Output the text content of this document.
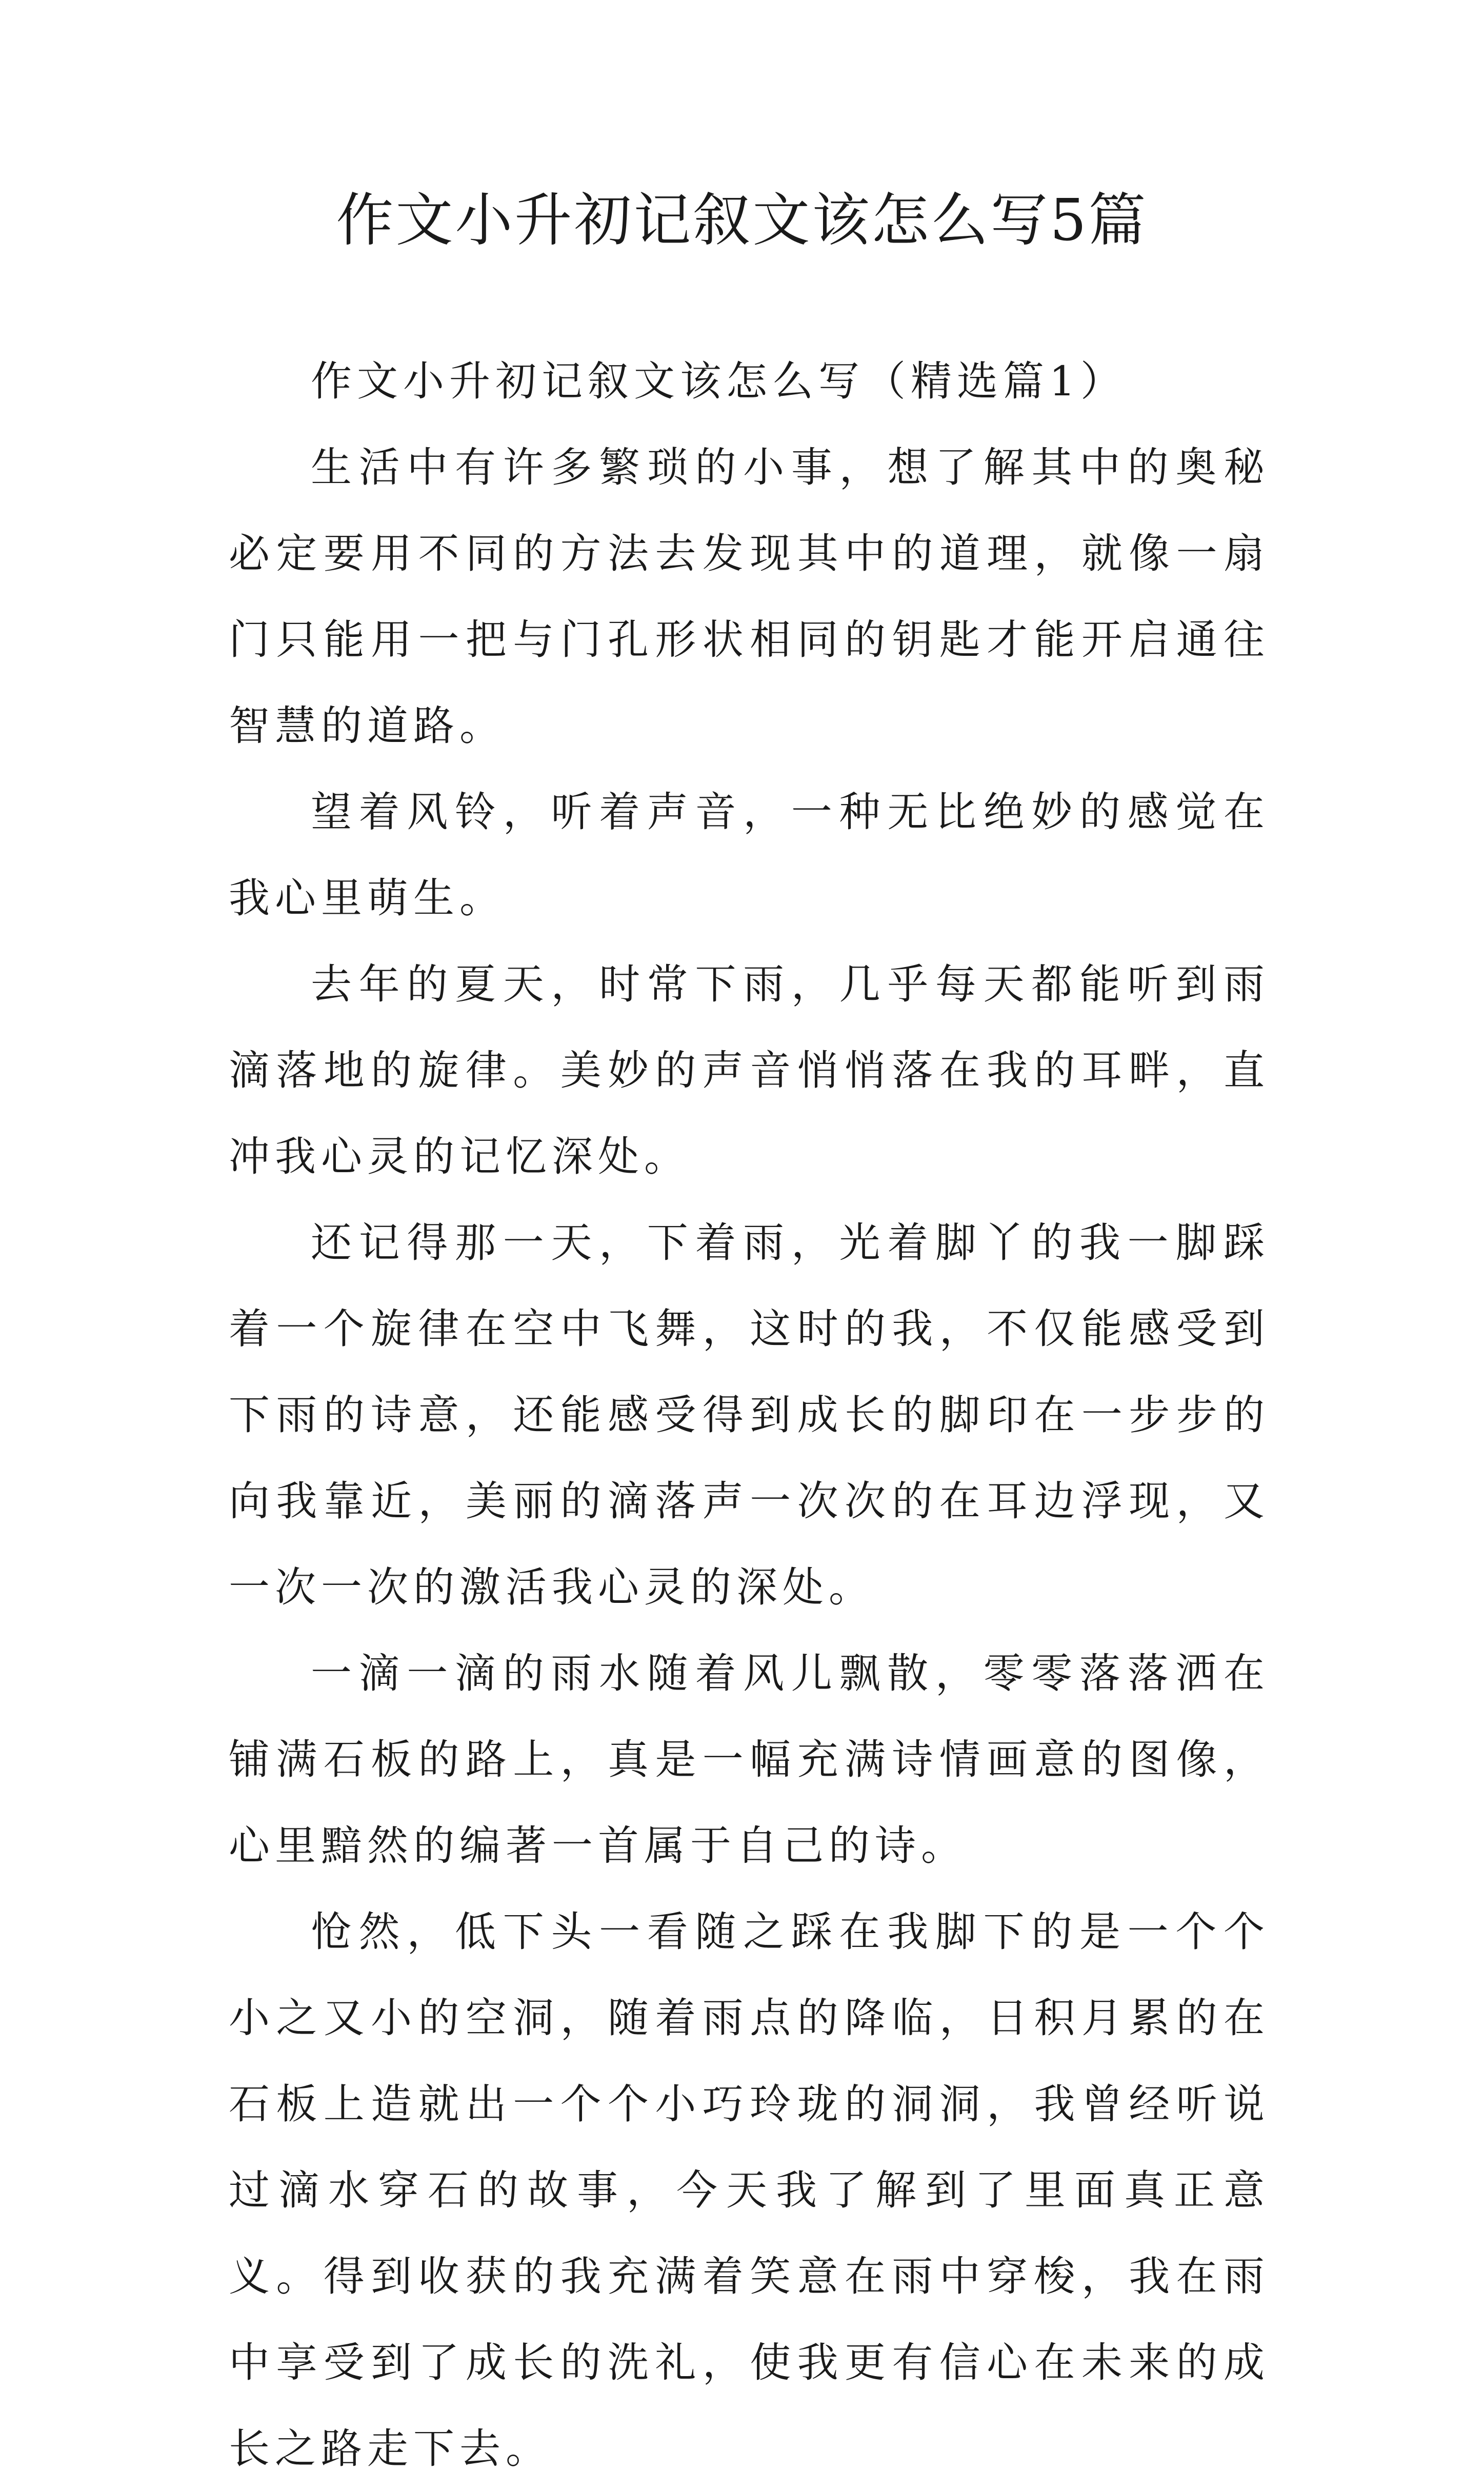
作文小升初记叙文该怎么写5篇

作文小升初记叙文该怎么写（精选篇1）

生活中有许多繁琐的小事，想了解其中的奥秘必定要用不同的方法去发现其中的道理，就像一扇门只能用一把与门孔形状相同的钥匙才能开启通往智慧的道路。

望着风铃，听着声音，一种无比绝妙的感觉在我心里萌生。

去年的夏天，时常下雨，几乎每天都能听到雨滴落地的旋律。美妙的声音悄悄落在我的耳畔，直冲我心灵的记忆深处。

还记得那一天，下着雨，光着脚丫的我一脚踩着一个旋律在空中飞舞，这时的我，不仅能感受到下雨的诗意，还能感受得到成长的脚印在一步步的向我靠近，美丽的滴落声一次次的在耳边浮现，又一次一次的激活我心灵的深处。

一滴一滴的雨水随着风儿飘散，零零落落洒在铺满石板的路上，真是一幅充满诗情画意的图像，心里黯然的编著一首属于自己的诗。

怆然，低下头一看随之踩在我脚下的是一个个小之又小的空洞，随着雨点的降临，日积月累的在石板上造就出一个个小巧玲珑的洞洞，我曾经听说过滴水穿石的故事，今天我了解到了里面真正意义。得到收获的我充满着笑意在雨中穿梭，我在雨中享受到了成长的洗礼，使我更有信心在未来的成长之路走下去。
